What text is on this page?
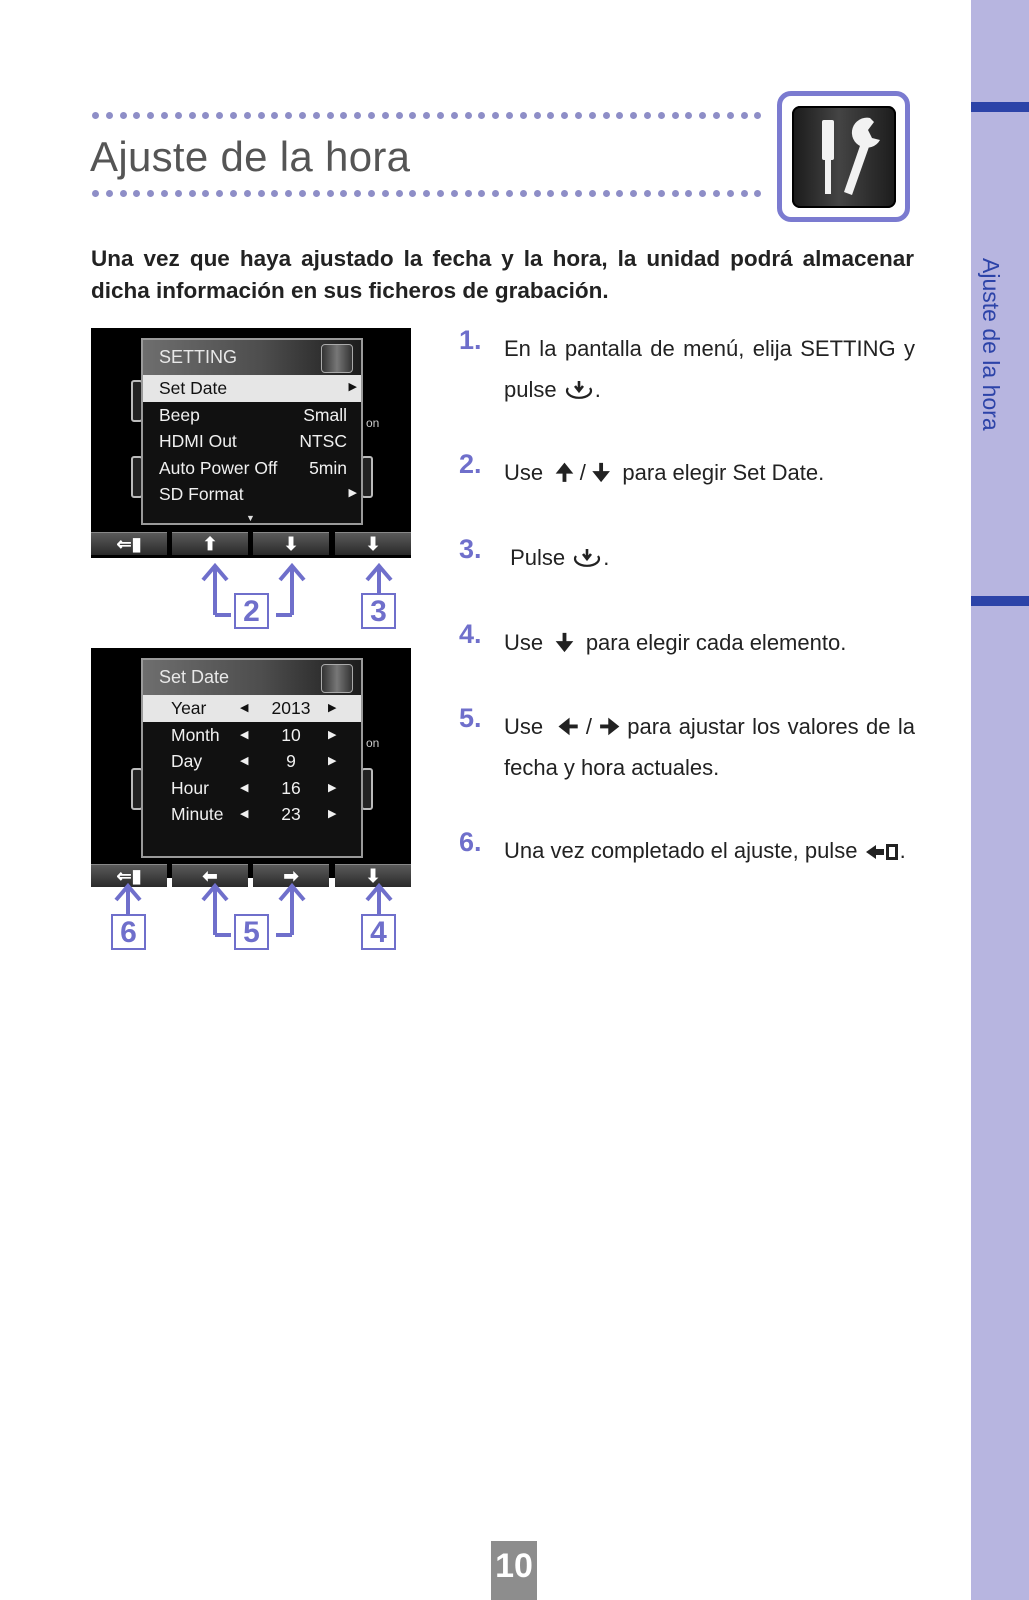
Ajuste de la hora
Ajuste de la hora
Una vez que haya ajustado la fecha y la hora, la unidad podrá almacenar dicha información en sus ficheros de grabación.
on
SETTING
Set Date	▶
Beep	Small
HDMI Out	NTSC
Auto Power Off 5min
SD Format	▶
▼
⇐▮	⬆	⬇	⬇
2	3
on
Set Date
Year	◀	2013	▶
Month ◀	10	▶
Day	◀	9	▶
Hour	◀	16	▶
Minute ◀	23	▶
⇐▮	⬅	➡	⬇
6	5	4
1. En la pantalla de menú, elija SETTING y pulse .
2. Use 🠉 / 🠋 para elegir Set Date.
3. Pulse .
4. Use 🠋 para elegir cada elemento.
5. Use 🠈 / 🠊 para ajustar los valores de la fecha y hora actuales.
6. Una vez completado el ajuste, pulse .
10
